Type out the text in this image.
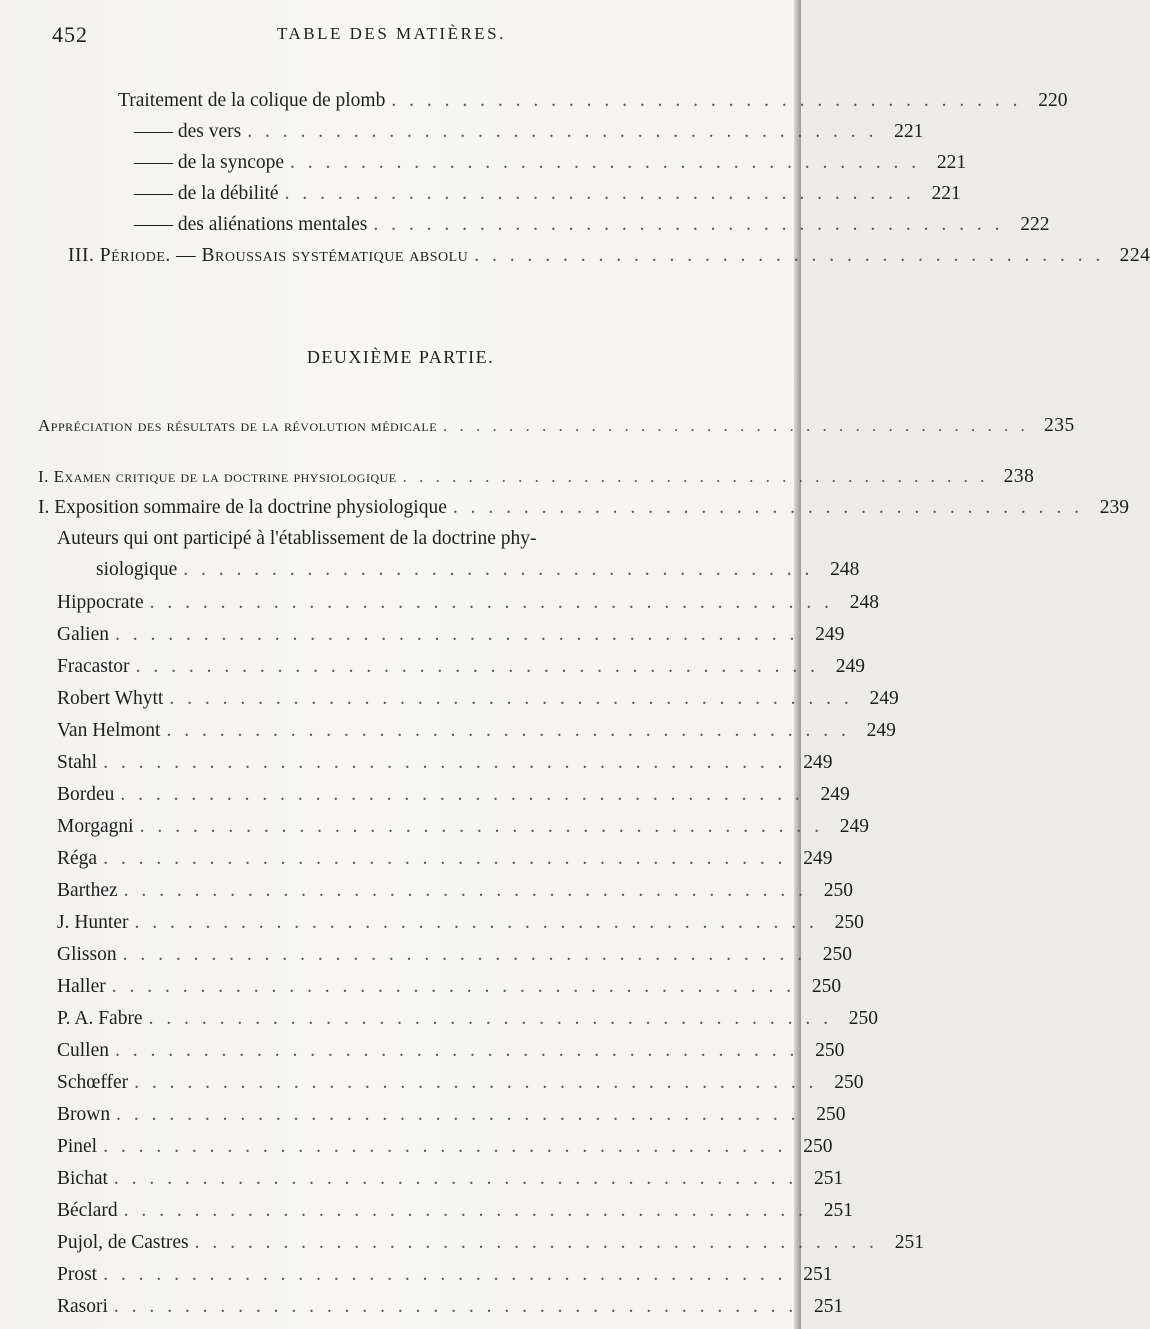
452	TABLE DES MATIÈRES.
Traitement de la colique de plomb . . . . . . . . . . . . . . . . . . . . . . . . . . . . . . . . . . . . 220
—— des vers . . . . . . . . . . . . . . . . . . . . . . . . . . . . . . . . . . . . 221
—— de la syncope . . . . . . . . . . . . . . . . . . . . . . . . . . . . . . . . . . . . 221
—— de la débilité . . . . . . . . . . . . . . . . . . . . . . . . . . . . . . . . . . . . 221
—— des aliénations mentales . . . . . . . . . . . . . . . . . . . . . . . . . . . . . . . . . . . . 222
III. Période. — Broussais systématique absolu . . . . . . . . . . . . . . . . . . . . . . . . . . . . . . . . . . . . 224
DEUXIÈME PARTIE.
Appréciation des résultats de la révolution médicale . . . . . . . . . . . . . . . . . . . . . . . . . . . . . . . . . . . . 235
I. Examen critique de la doctrine physiologique . . . . . . . . . . . . . . . . . . . . . . . . . . . . . . . . . . . . 238
I. Exposition sommaire de la doctrine physiologique . . . . . . . . . . . . . . . . . . . . . . . . . . . . . . . . . . . . 239
Auteurs qui ont participé à l'établissement de la doctrine phy-
siologique . . . . . . . . . . . . . . . . . . . . . . . . . . . . . . . . . . . . 248
Hippocrate . . . . . . . . . . . . . . . . . . . . . . . . . . . . . . . . . . . . . . . 248
Galien . . . . . . . . . . . . . . . . . . . . . . . . . . . . . . . . . . . . . . . 249
Fracastor . . . . . . . . . . . . . . . . . . . . . . . . . . . . . . . . . . . . . . . 249
Robert Whytt . . . . . . . . . . . . . . . . . . . . . . . . . . . . . . . . . . . . . . . 249
Van Helmont . . . . . . . . . . . . . . . . . . . . . . . . . . . . . . . . . . . . . . . 249
Stahl . . . . . . . . . . . . . . . . . . . . . . . . . . . . . . . . . . . . . . . 249
Bordeu . . . . . . . . . . . . . . . . . . . . . . . . . . . . . . . . . . . . . . . 249
Morgagni . . . . . . . . . . . . . . . . . . . . . . . . . . . . . . . . . . . . . . . 249
Réga . . . . . . . . . . . . . . . . . . . . . . . . . . . . . . . . . . . . . . . 249
Barthez . . . . . . . . . . . . . . . . . . . . . . . . . . . . . . . . . . . . . . . 250
J. Hunter . . . . . . . . . . . . . . . . . . . . . . . . . . . . . . . . . . . . . . . 250
Glisson . . . . . . . . . . . . . . . . . . . . . . . . . . . . . . . . . . . . . . . 250
Haller . . . . . . . . . . . . . . . . . . . . . . . . . . . . . . . . . . . . . . . 250
P. A. Fabre . . . . . . . . . . . . . . . . . . . . . . . . . . . . . . . . . . . . . . . 250
Cullen . . . . . . . . . . . . . . . . . . . . . . . . . . . . . . . . . . . . . . . 250
Schœffer . . . . . . . . . . . . . . . . . . . . . . . . . . . . . . . . . . . . . . . 250
Brown . . . . . . . . . . . . . . . . . . . . . . . . . . . . . . . . . . . . . . . 250
Pinel . . . . . . . . . . . . . . . . . . . . . . . . . . . . . . . . . . . . . . . 250
Bichat . . . . . . . . . . . . . . . . . . . . . . . . . . . . . . . . . . . . . . . 251
Béclard . . . . . . . . . . . . . . . . . . . . . . . . . . . . . . . . . . . . . . . 251
Pujol, de Castres . . . . . . . . . . . . . . . . . . . . . . . . . . . . . . . . . . . . . . . 251
Prost . . . . . . . . . . . . . . . . . . . . . . . . . . . . . . . . . . . . . . . 251
Rasori . . . . . . . . . . . . . . . . . . . . . . . . . . . . . . . . . . . . . . . 251
